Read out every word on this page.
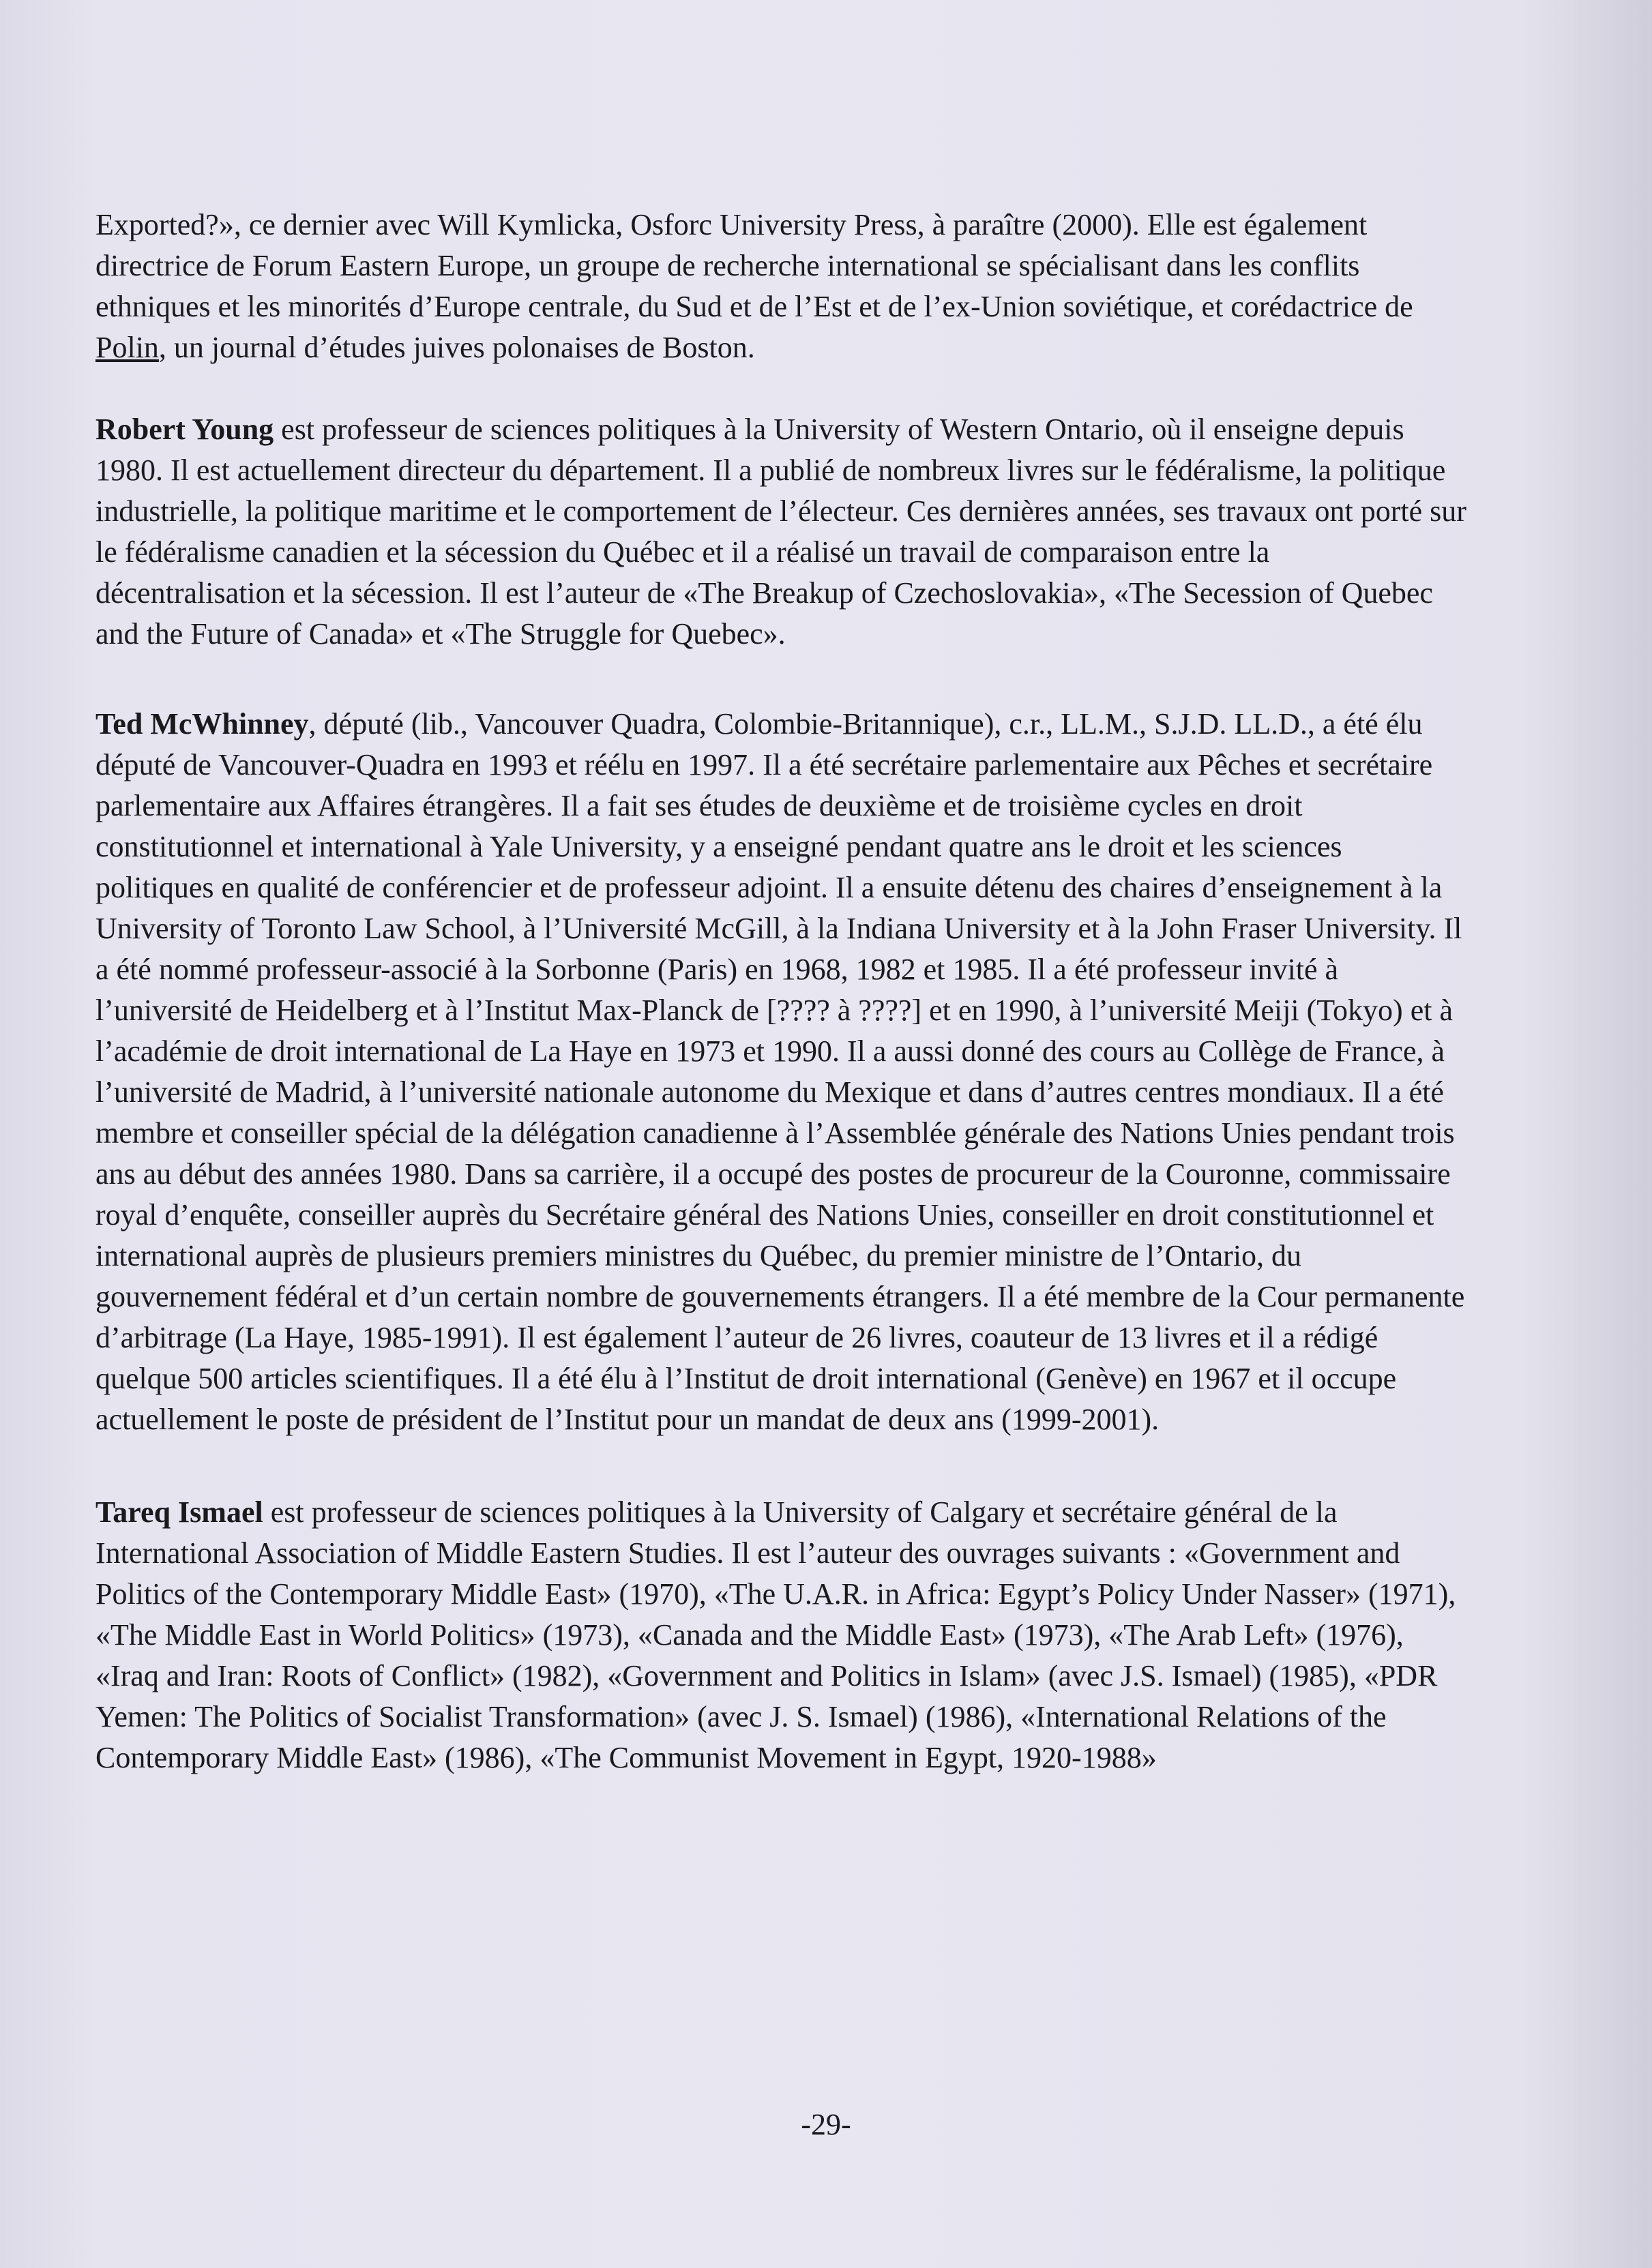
Exported?», ce dernier avec Will Kymlicka, Osforc University Press, à paraître (2000). Elle est également directrice de Forum Eastern Europe, un groupe de recherche international se spécialisant dans les conflits ethniques et les minorités d’Europe centrale, du Sud et de l’Est et de l’ex-Union soviétique, et corédactrice de Polin, un journal d’études juives polonaises de Boston.

Robert Young est professeur de sciences politiques à la University of Western Ontario, où il enseigne depuis 1980. Il est actuellement directeur du département. Il a publié de nombreux livres sur le fédéralisme, la politique industrielle, la politique maritime et le comportement de l’électeur. Ces dernières années, ses travaux ont porté sur le fédéralisme canadien et la sécession du Québec et il a réalisé un travail de comparaison entre la décentralisation et la sécession. Il est l’auteur de «The Breakup of Czechoslovakia», «The Secession of Quebec and the Future of Canada» et «The Struggle for Quebec».

Ted McWhinney, député (lib., Vancouver Quadra, Colombie-Britannique), c.r., LL.M., S.J.D. LL.D., a été élu député de Vancouver-Quadra en 1993 et réélu en 1997. Il a été secrétaire parlementaire aux Pêches et secrétaire parlementaire aux Affaires étrangères. Il a fait ses études de deuxième et de troisième cycles en droit constitutionnel et international à Yale University, y a enseigné pendant quatre ans le droit et les sciences politiques en qualité de conférencier et de professeur adjoint. Il a ensuite détenu des chaires d’enseignement à la University of Toronto Law School, à l’Université McGill, à la Indiana University et à la John Fraser University. Il a été nommé professeur-associé à la Sorbonne (Paris) en 1968, 1982 et 1985. Il a été professeur invité à l’université de Heidelberg et à l’Institut Max-Planck de [???? à ????] et en 1990, à l’université Meiji (Tokyo) et à l’académie de droit international de La Haye en 1973 et 1990. Il a aussi donné des cours au Collège de France, à l’université de Madrid, à l’université nationale autonome du Mexique et dans d’autres centres mondiaux. Il a été membre et conseiller spécial de la délégation canadienne à l’Assemblée générale des Nations Unies pendant trois ans au début des années 1980. Dans sa carrière, il a occupé des postes de procureur de la Couronne, commissaire royal d’enquête, conseiller auprès du Secrétaire général des Nations Unies, conseiller en droit constitutionnel et international auprès de plusieurs premiers ministres du Québec, du premier ministre de l’Ontario, du gouvernement fédéral et d’un certain nombre de gouvernements étrangers. Il a été membre de la Cour permanente d’arbitrage (La Haye, 1985-1991). Il est également l’auteur de 26 livres, coauteur de 13 livres et il a rédigé quelque 500 articles scientifiques. Il a été élu à l’Institut de droit international (Genève) en 1967 et il occupe actuellement le poste de président de l’Institut pour un mandat de deux ans (1999-2001).

Tareq Ismael est professeur de sciences politiques à la University of Calgary et secrétaire général de la International Association of Middle Eastern Studies. Il est l’auteur des ouvrages suivants : «Government and Politics of the Contemporary Middle East» (1970), «The U.A.R. in Africa: Egypt’s Policy Under Nasser» (1971), «The Middle East in World Politics» (1973), «Canada and the Middle East» (1973), «The Arab Left» (1976), «Iraq and Iran: Roots of Conflict» (1982), «Government and Politics in Islam» (avec J.S. Ismael) (1985), «PDR Yemen: The Politics of Socialist Transformation» (avec J. S. Ismael) (1986), «International Relations of the Contemporary Middle East» (1986), «The Communist Movement in Egypt, 1920-1988»

-29-
